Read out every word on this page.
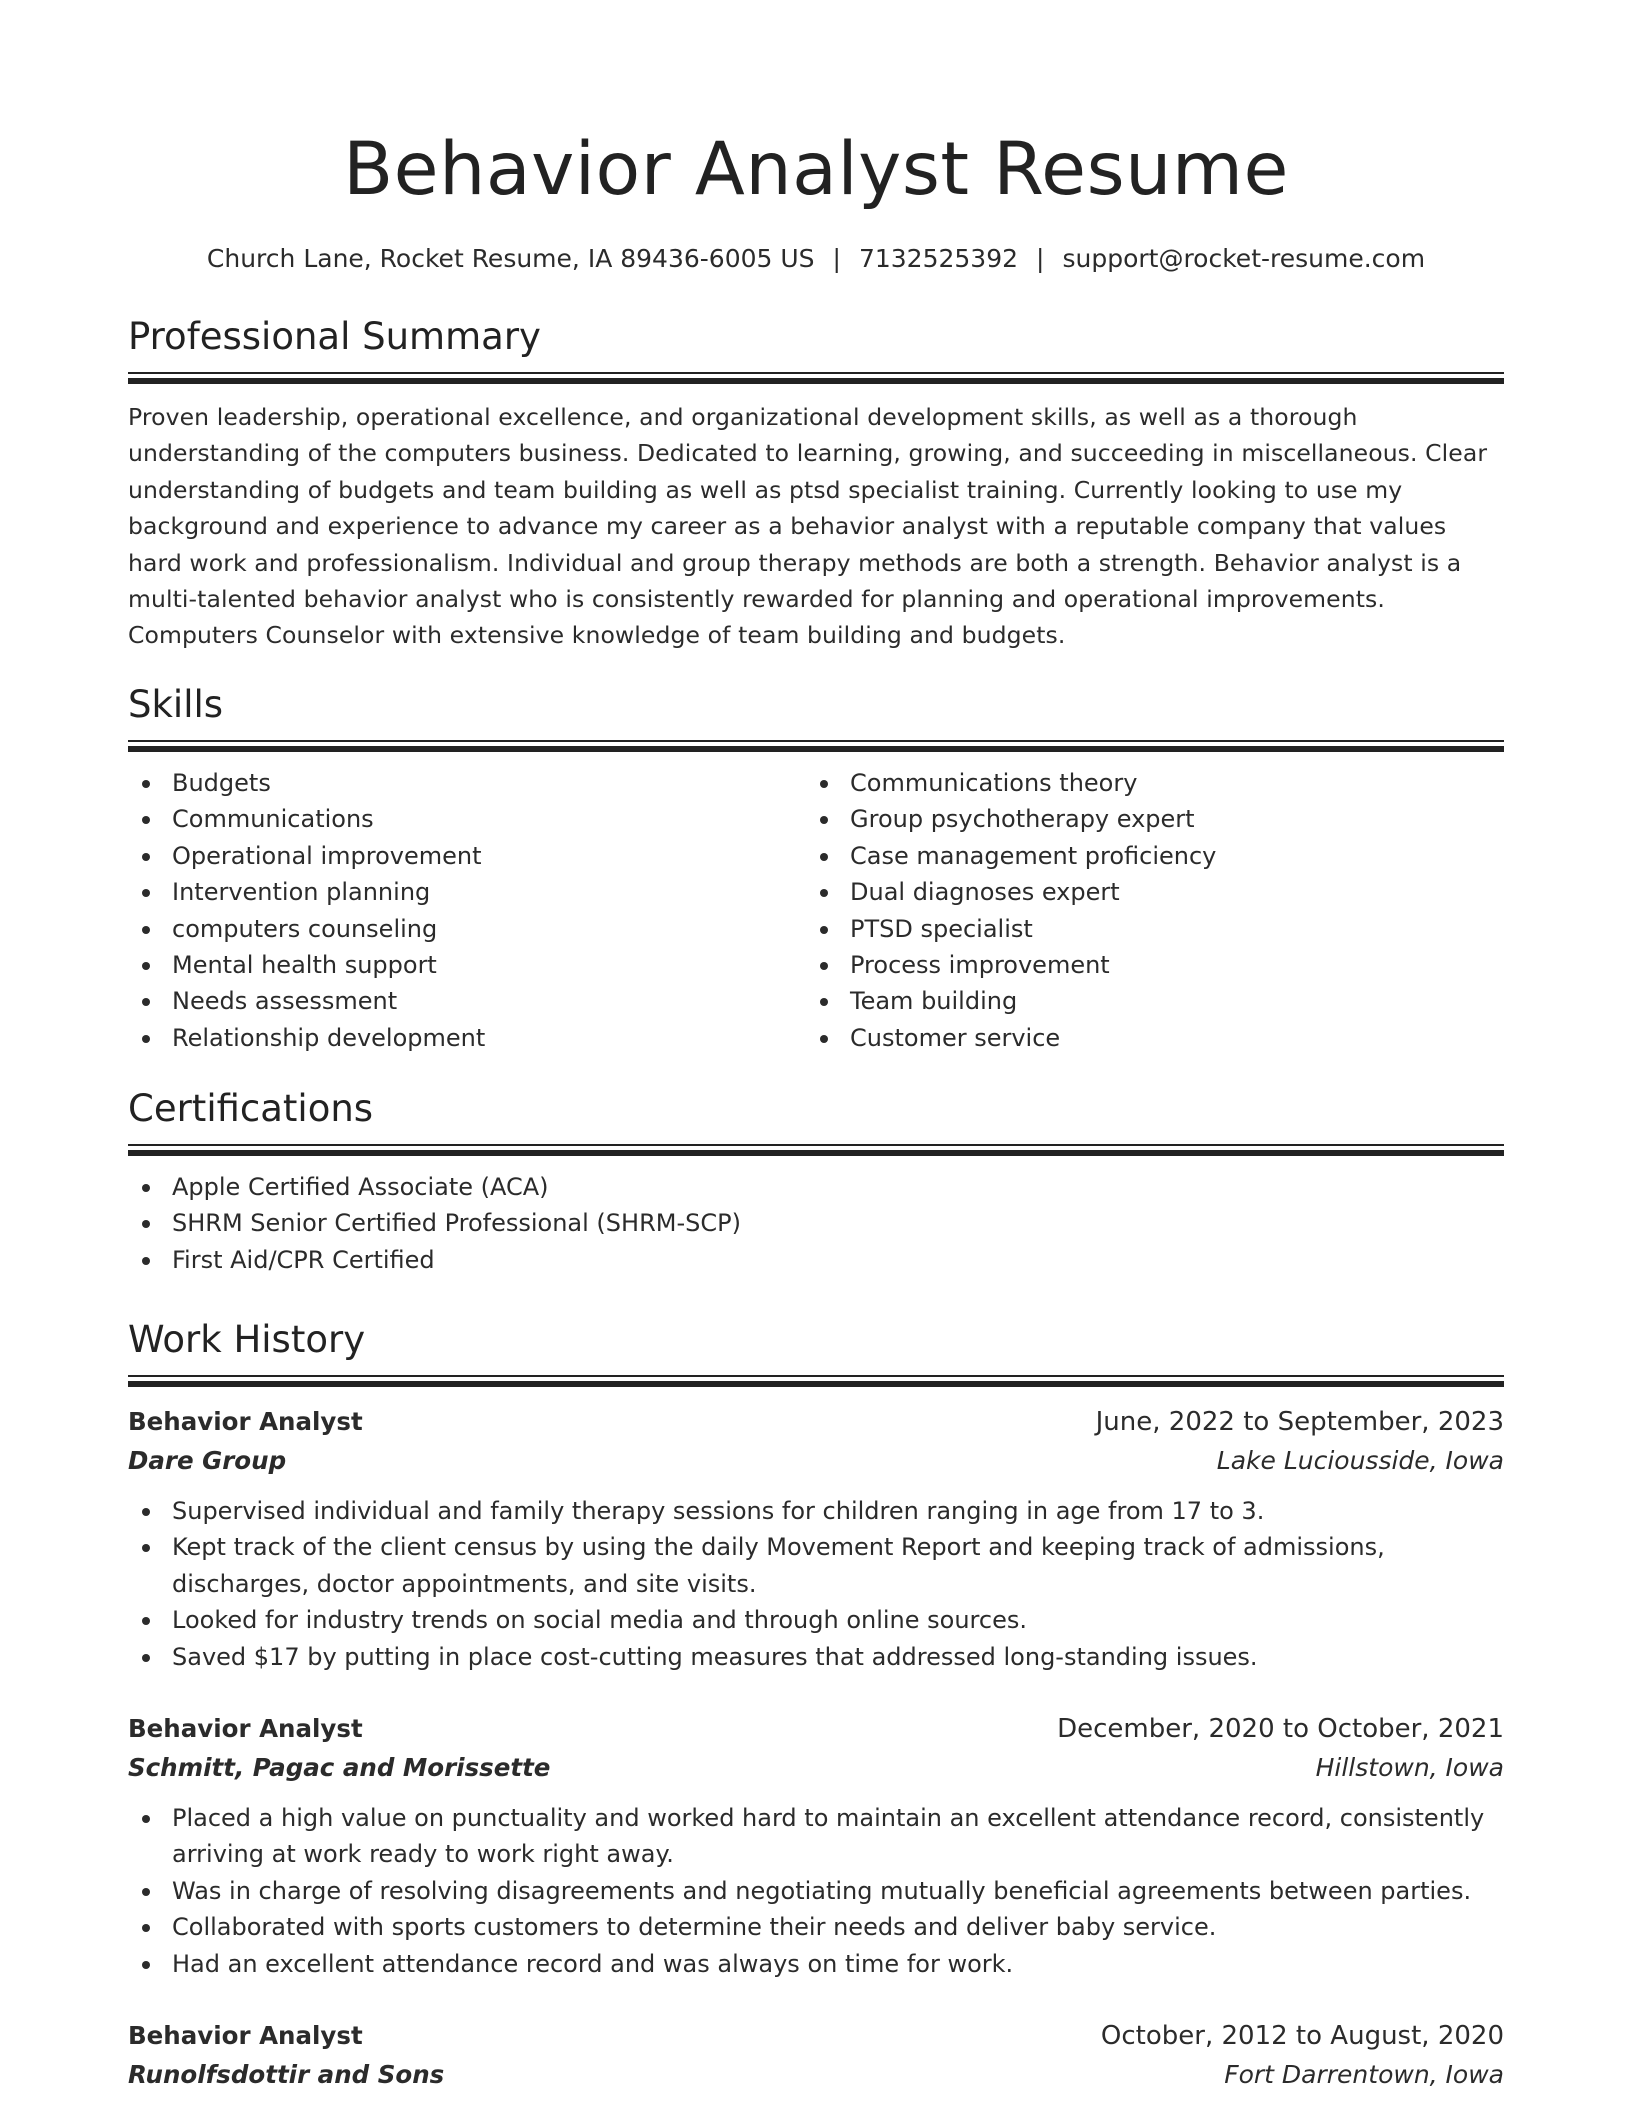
Behavior Analyst Resume
Church Lane, Rocket Resume, IA 89436-6005 US | 7132525392 | support@rocket-resume.com
Professional Summary

Proven leadership, operational excellence, and organizational development skills, as well as a thorough understanding of the computers business. Dedicated to learning, growing, and succeeding in miscellaneous. Clear understanding of budgets and team building as well as ptsd specialist training. Currently looking to use my background and experience to advance my career as a behavior analyst with a reputable company that values hard work and professionalism. Individual and group therapy methods are both a strength. Behavior analyst is a multi-talented behavior analyst who is consistently rewarded for planning and operational improvements. Computers Counselor with extensive knowledge of team building and budgets.

Skills
Budgets
Communications
Operational improvement
Intervention planning
computers counseling
Mental health support
Needs assessment
Relationship development
Communications theory
Group psychotherapy expert
Case management proficiency
Dual diagnoses expert
PTSD specialist
Process improvement
Team building
Customer service
Certifications
Apple Certified Associate (ACA)
SHRM Senior Certified Professional (SHRM-SCP)
First Aid/CPR Certified
Work History
Behavior Analyst	June, 2022 to September, 2023
Dare Group	Lake Luciousside, Iowa
Supervised individual and family therapy sessions for children ranging in age from 17 to 3.
Kept track of the client census by using the daily Movement Report and keeping track of admissions, discharges, doctor appointments, and site visits.
Looked for industry trends on social media and through online sources.
Saved $17 by putting in place cost-cutting measures that addressed long-standing issues.
Behavior Analyst	December, 2020 to October, 2021
Schmitt, Pagac and Morissette	Hillstown, Iowa
Placed a high value on punctuality and worked hard to maintain an excellent attendance record, consistently arriving at work ready to work right away.
Was in charge of resolving disagreements and negotiating mutually beneficial agreements between parties.
Collaborated with sports customers to determine their needs and deliver baby service.
Had an excellent attendance record and was always on time for work.
Behavior Analyst	October, 2012 to August, 2020
Runolfsdottir and Sons	Fort Darrentown, Iowa
